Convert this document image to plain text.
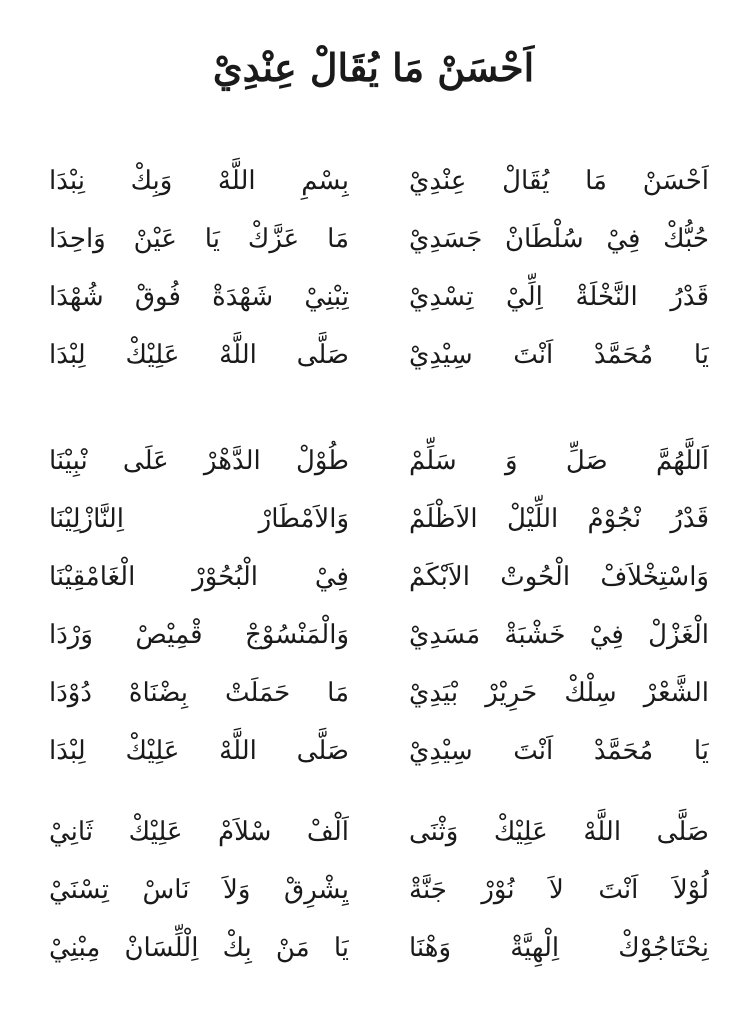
اَحْسَنْ مَا يُقَالْ عِنْدِيْ
اَحْسَنْ مَا يُقَالْ عِنْدِيْ
بِسْمِ اللَّهْ وَبِكْ نِبْدَا
حُبُّكْ فِيْ سُلْطَانْ جَسَدِيْ
مَا عَزَّكْ يَا عَيْنْ وَاحِدَا
قَدْرُ النَّخْلَةْ اِلِّيْ تِسْدِيْ
تِبْنِيْ شَهْدَةْ فُوقْ شُهْدَا
يَا مُحَمَّدْ اَنْتَ سِيْدِيْ
صَلَّى اللَّهْ عَلِيْكْ لِبْدَا
اَللَّهُمَّ صَلِّ وَ سَلِّمْ
طُوْلْ الدَّهْرْ عَلَى نْبِيْنَا
قَدْرُ نْجُوْمْ اللِّيْلْ الاَظْلَمْ
وَالاَمْطَارْ اِلنَّازْلِيْنَا
وَاسْتِخْلاَفْ الْحُوتْ الاَبْكَمْ
فِيْ الْبُحُوْرْ الْغَامْقِيْنَا
الْغَزْلْ فِيْ خَشْبَةْ مَسَدِيْ
وَالْمَنْسُوْجْ قْمِيْصْ وَرْدَا
الشَّعْرْ سِلْكْ حَرِيْرْ بْيَدِيْ
مَا حَمَلَتْ بِضْنَاهْ دُوْدَا
يَا مُحَمَّدْ اَنْتَ سِيْدِيْ
صَلَّى اللَّهْ عَلِيْكْ لِبْدَا
صَلَّى اللَّهْ عَلِيْكْ وَثْنَى
اَلْفْ سْلاَمْ عَلِيْكْ ثَانِيْ
لُوْلاَ اَنْتَ لاَ نُوْرْ جَنَّةْ
يِشْرِقْ وَلاَ نَاسْ تِسْنَيْ
نِحْتَاجُوْكْ اِلْهِيَّةْ وَهْنَا
يَا مَنْ بِكْ اِلْلِّسَانْ مِبْنِيْ
